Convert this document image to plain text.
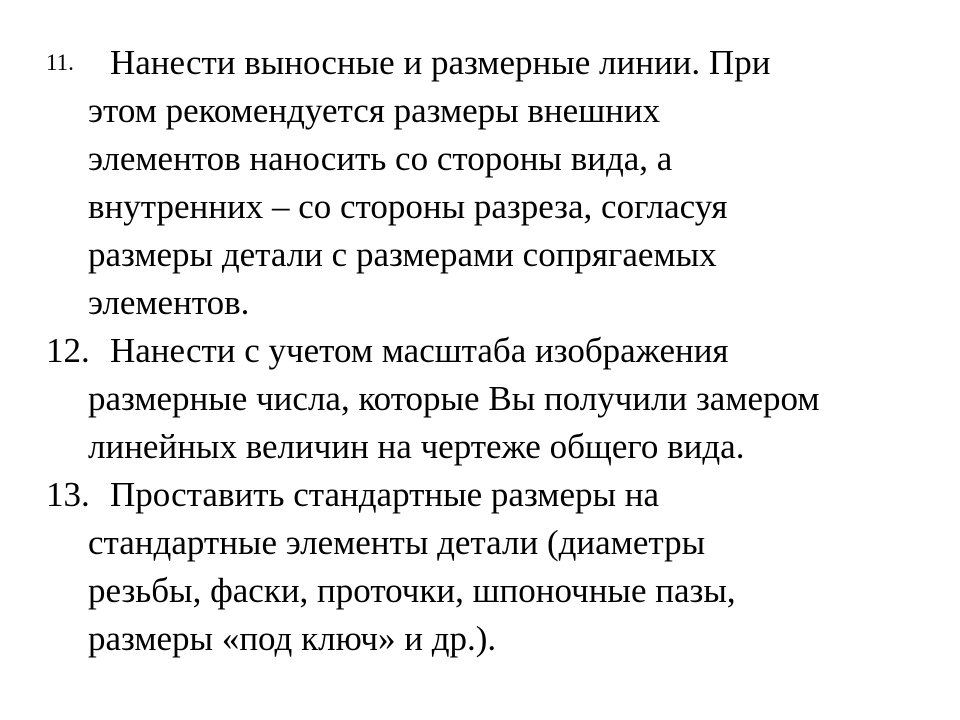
11.	Нанести выносные и размерные линии. При
этом рекомендуется размеры внешних
элементов наносить со стороны вида, а
внутренних – со стороны разреза, согласуя
размеры детали с размерами сопрягаемых
элементов.
12. Нанести с учетом масштаба изображения
размерные числа, которые Вы получили замером
линейных величин на чертеже общего вида.
13. Проставить стандартные размеры на
стандартные элементы детали (диаметры
резьбы, фаски, проточки, шпоночные пазы,
размеры «под ключ» и др.).
